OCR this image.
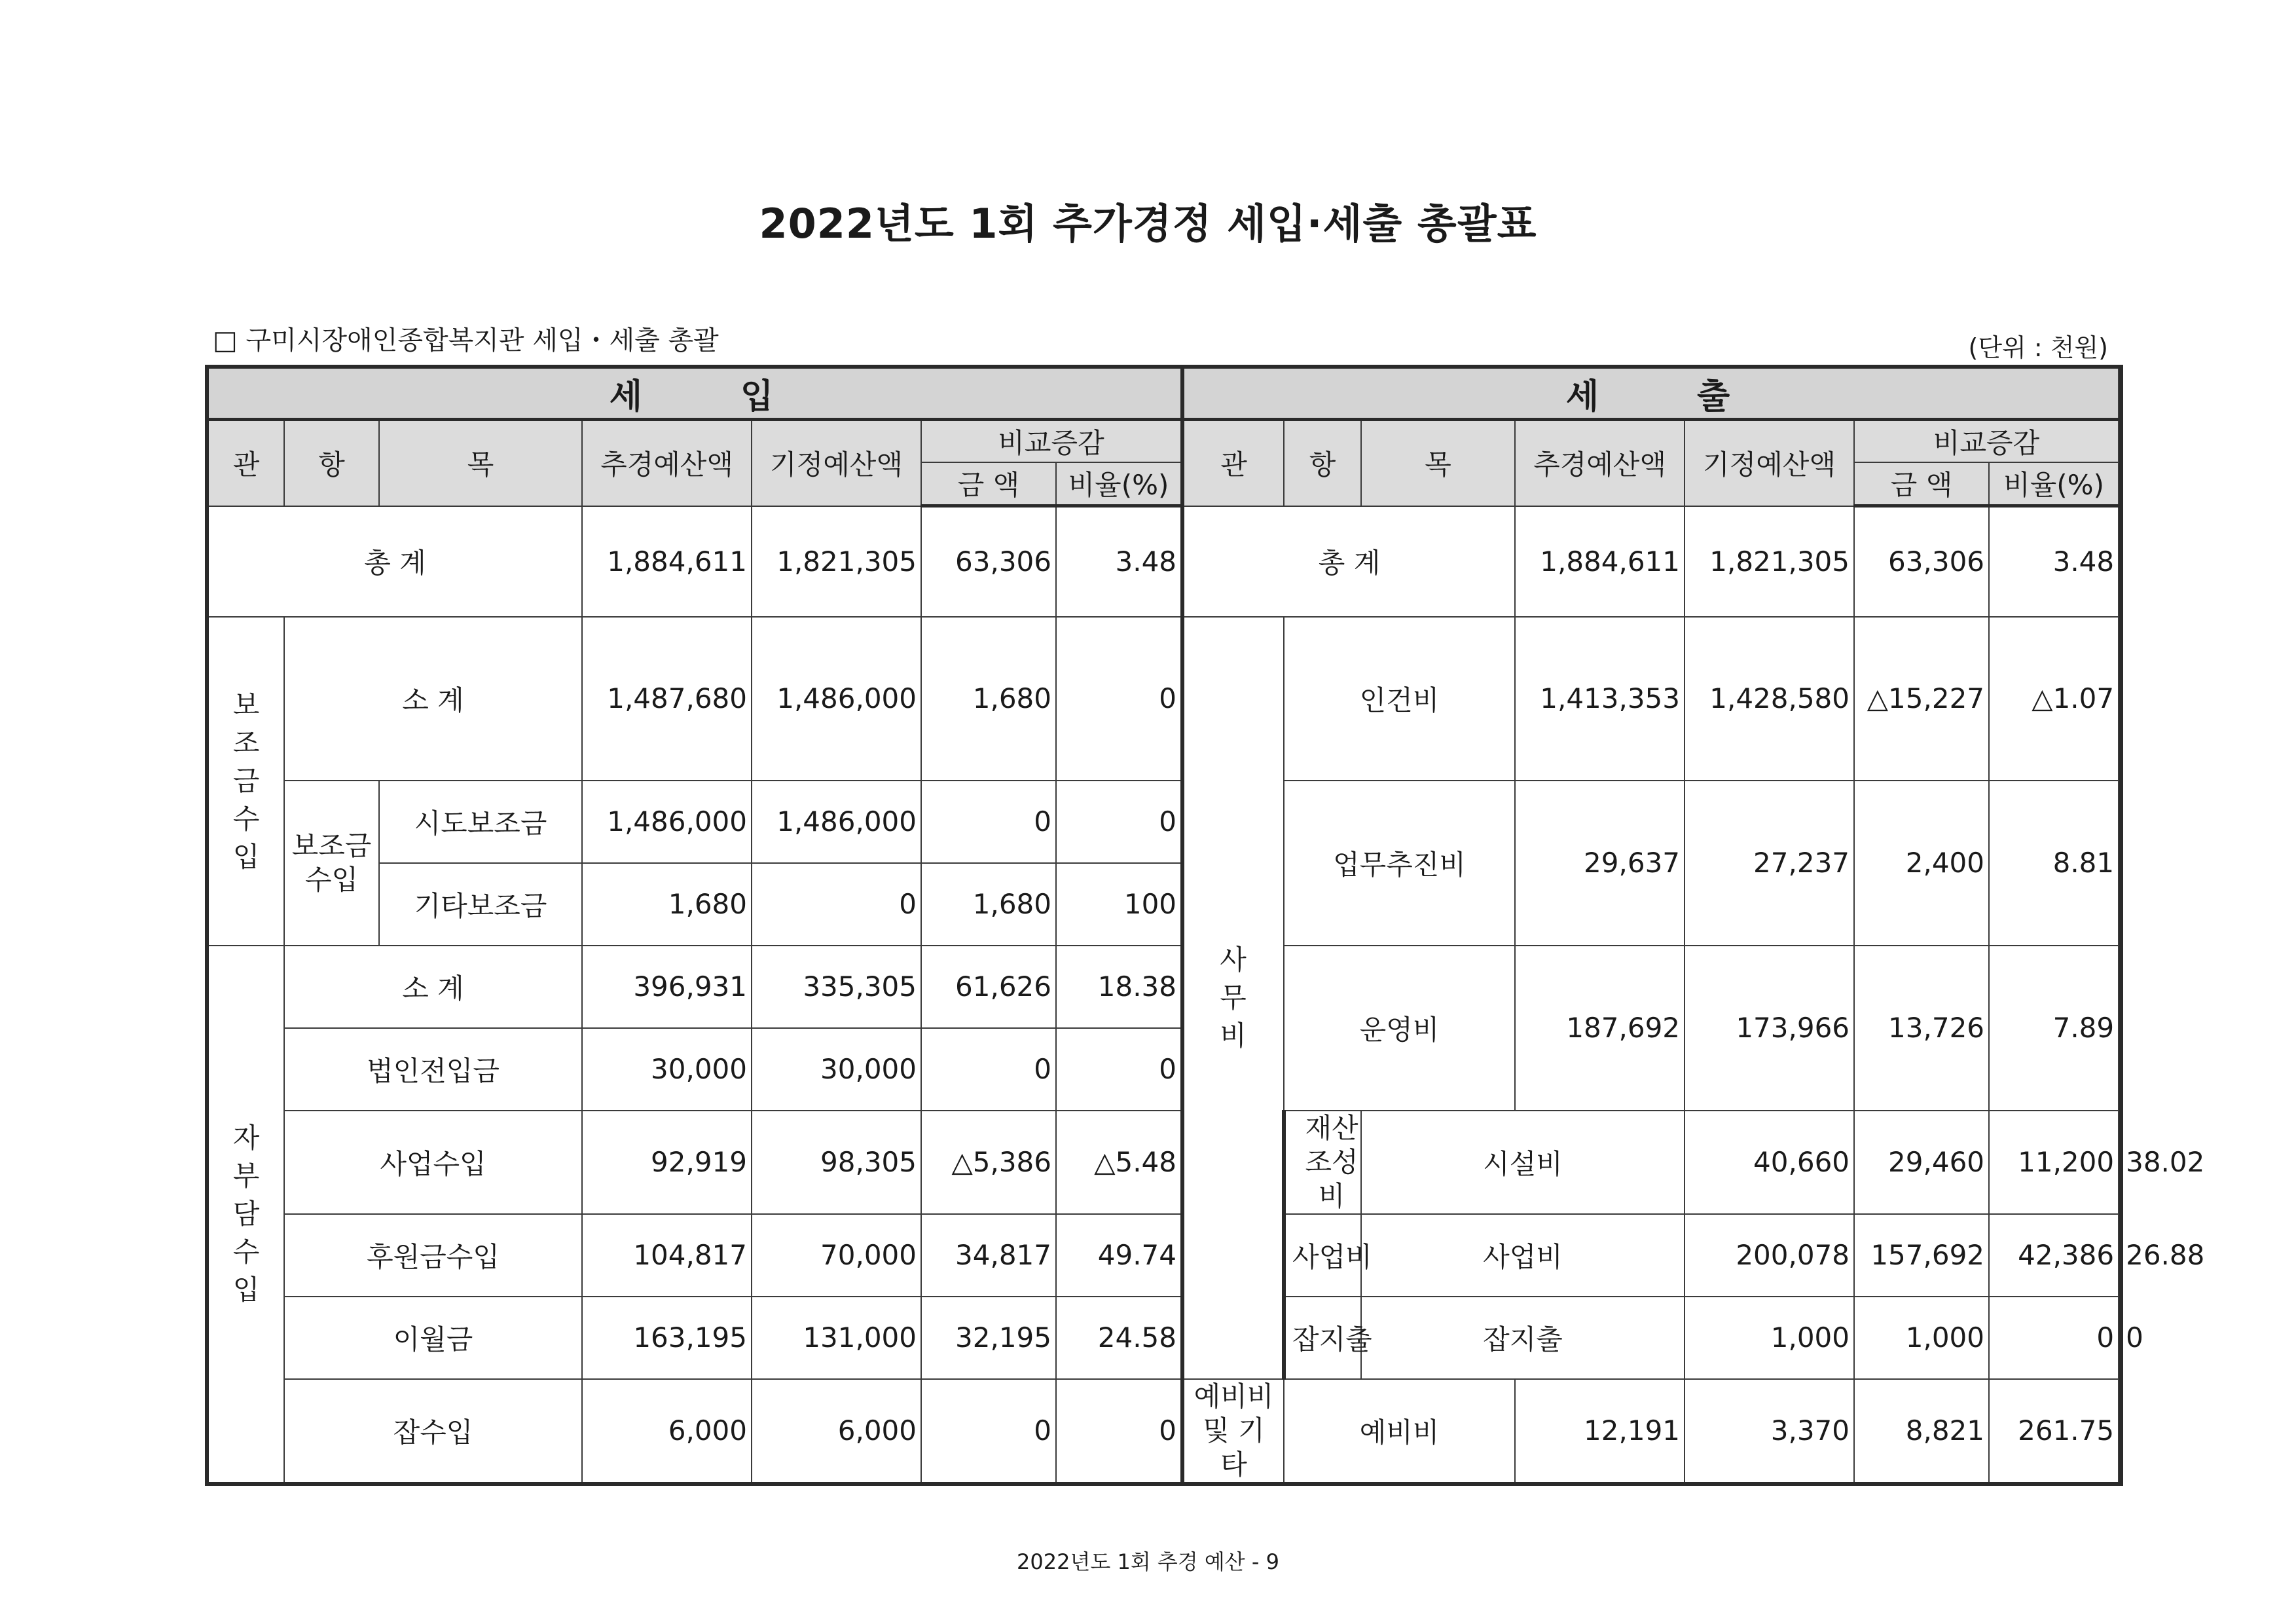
2022년도 1회 추가경정 세입·세출 총괄표
□ 구미시장애인종합복지관 세입・세출 총괄	(단위 : 천원)
세입							세출							
관	항	목	추경예산액	기정예산액	비교증감		관	항	목	추경예산액	기정예산액	비교증감		
					금 액	비율(%)						금 액	비율(%)	
총 계			1,884,611	1,821,305	63,306	3.48	총 계			1,884,611	1,821,305	63,306	3.48	
보조금수입	소 계		1,487,680	1,486,000	1,680	0	사무비	인건비		1,413,353	1,428,580	△15,227	△1.07	
	보조금수입	시도보조금	1,486,000	1,486,000	0	0		업무추진비		29,637	27,237	2,400	8.81	
		기타보조금	1,680	0	1,680	100								
자부담수입	소 계		396,931	335,305	61,626	18.38		운영비		187,692	173,966	13,726	7.89	
	법인전입금		30,000	30,000	0	0								
	사업수입		92,919	98,305	△5,386	△5.48		재산조성비	시설비		40,660	29,460	11,200	38.02
	후원금수입		104,817	70,000	34,817	49.74		사업비	사업비		200,078	157,692	42,386	26.88
	이월금		163,195	131,000	32,195	24.58		잡지출	잡지출		1,000	1,000	0	0
	잡수입		6,000	6,000	0	0	예비비 및 기타	예비비		12,191	3,370	8,821	261.75	
2022년도 1회 추경 예산 - 9
